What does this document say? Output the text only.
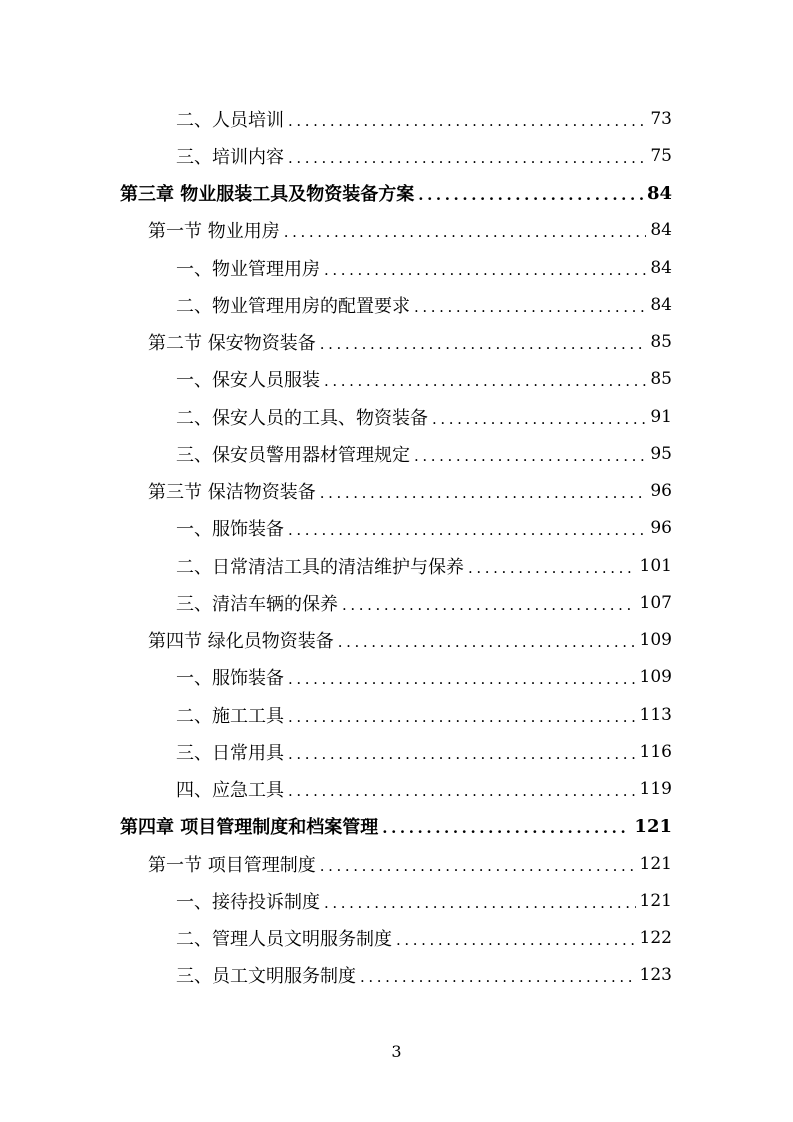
二、人员培训 .....	73
三、培训内容 .....	75
第三章 物业服装工具及物资装备方案 .....	84
第一节 物业用房 .....	84
一、物业管理用房 .....	84
二、物业管理用房的配置要求 .....	84
第二节 保安物资装备 .....	85
一、保安人员服装 .....	85
二、保安人员的工具、物资装备 .....	91
三、保安员警用器材管理规定 .....	95
第三节 保洁物资装备 .....	96
一、服饰装备 .....	96
二、日常清洁工具的清洁维护与保养 .....	101
三、清洁车辆的保养 .....	107
第四节 绿化员物资装备 .....	109
一、服饰装备 .....	109
二、施工工具 .....	113
三、日常用具 .....	116
四、应急工具 .....	119
第四章 项目管理制度和档案管理 .....	121
第一节 项目管理制度 .....	121
一、接待投诉制度 .....	121
二、管理人员文明服务制度 .....	122
三、员工文明服务制度 .....	123
3
